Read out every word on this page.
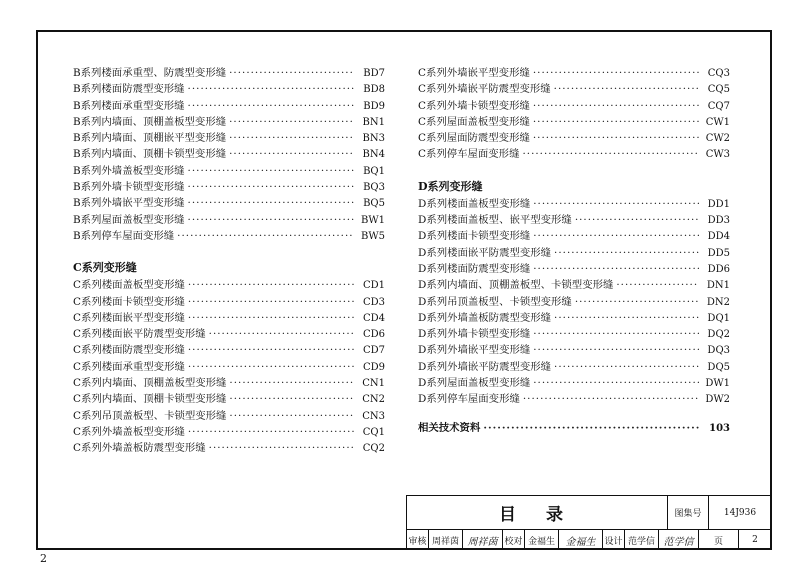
B系列楼面承重型、防震型变形缝 ·····	BD7
B系列楼面防震型变形缝 ·····	BD8
B系列楼面承重型变形缝 ·····	BD9
B系列内墙面、顶棚盖板型变形缝 ·····	BN1
B系列内墙面、顶棚嵌平型变形缝 ·····	BN3
B系列内墙面、顶棚卡锁型变形缝 ·····	BN4
B系列外墙盖板型变形缝 ·····	BQ1
B系列外墙卡锁型变形缝 ·····	BQ3
B系列外墙嵌平型变形缝 ·····	BQ5
B系列屋面盖板型变形缝 ·····	BW1
B系列停车屋面变形缝 ·····	BW5
C系列变形缝
C系列楼面盖板型变形缝 ·····	CD1
C系列楼面卡锁型变形缝 ·····	CD3
C系列楼面嵌平型变形缝 ·····	CD4
C系列楼面嵌平防震型变形缝 ·····	CD6
C系列楼面防震型变形缝 ·····	CD7
C系列楼面承重型变形缝 ·····	CD9
C系列内墙面、顶棚盖板型变形缝 ·····	CN1
C系列内墙面、顶棚卡锁型变形缝 ·····	CN2
C系列吊顶盖板型、卡锁型变形缝 ·····	CN3
C系列外墙盖板型变形缝 ·····	CQ1
C系列外墙盖板防震型变形缝 ·····	CQ2
C系列外墙嵌平型变形缝 ·····	CQ3
C系列外墙嵌平防震型变形缝 ·····	CQ5
C系列外墙卡锁型变形缝 ·····	CQ7
C系列屋面盖板型变形缝 ·····	CW1
C系列屋面防震型变形缝 ·····	CW2
C系列停车屋面变形缝 ·····	CW3
D系列变形缝
D系列楼面盖板型变形缝 ·····	DD1
D系列楼面盖板型、嵌平型变形缝 ·····	DD3
D系列楼面卡锁型变形缝 ·····	DD4
D系列楼面嵌平防震型变形缝 ·····	DD5
D系列楼面防震型变形缝 ·····	DD6
D系列内墙面、顶棚盖板型、卡锁型变形缝 ·····	DN1
D系列吊顶盖板型、卡锁型变形缝 ·····	DN2
D系列外墙盖板防震型变形缝 ·····	DQ1
D系列外墙卡锁型变形缝 ·····	DQ2
D系列外墙嵌平型变形缝 ·····	DQ3
D系列外墙嵌平防震型变形缝 ·····	DQ5
D系列屋面盖板型变形缝 ·····	DW1
D系列停车屋面变形缝 ·····	DW2
相关技术资料 ·····	103
目 录	图集号	14J936
审核 周祥茵 周祥茵 校对 金福生	金福生 设计 范学信 范学信	页	2
2
